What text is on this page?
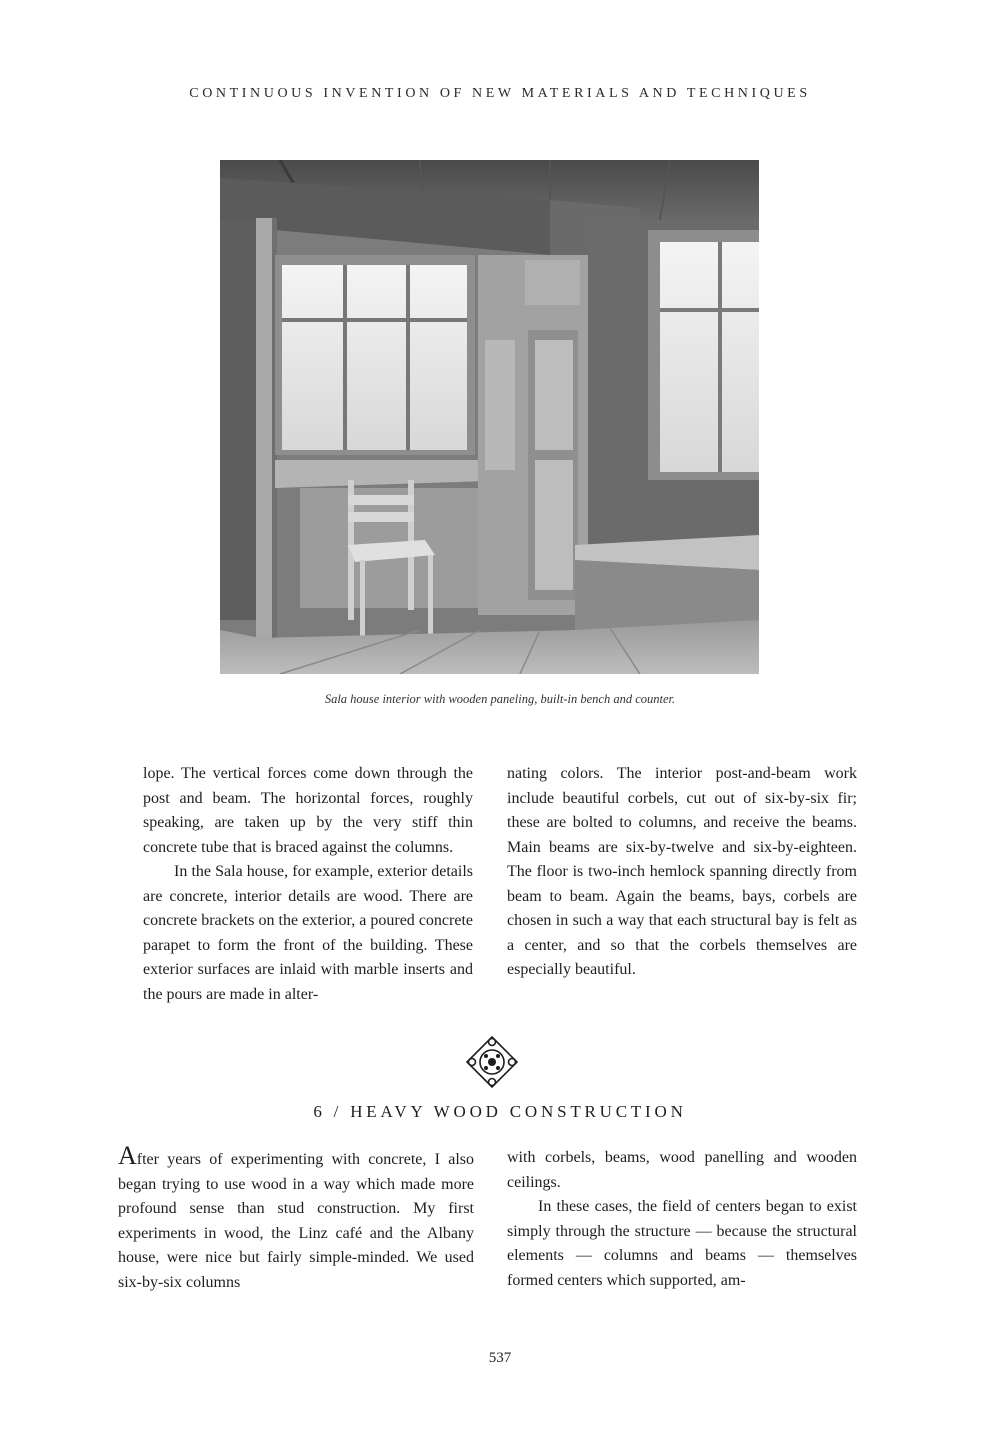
CONTINUOUS INVENTION OF NEW MATERIALS AND TECHNIQUES
Sala house interior with wooden paneling, built-in bench and counter.

lope. The vertical forces come down through the post and beam. The horizontal forces, roughly speaking, are taken up by the very stiff thin concrete tube that is braced against the columns.

In the Sala house, for example, exterior details are concrete, interior details are wood. There are concrete brackets on the exterior, a poured concrete parapet to form the front of the building. These exterior surfaces are inlaid with marble inserts and the pours are made in alter-

nating colors. The interior post-and-beam work include beautiful corbels, cut out of six-by-six fir; these are bolted to columns, and receive the beams. Main beams are six-by-twelve and six-by-eighteen. The floor is two-inch hemlock spanning directly from beam to beam. Again the beams, bays, corbels are chosen in such a way that each structural bay is felt as a center, and so that the corbels themselves are especially beautiful.

6 / HEAVY WOOD CONSTRUCTION

After years of experimenting with concrete, I also began trying to use wood in a way which made more profound sense than stud construction. My first experiments in wood, the Linz café and the Albany house, were nice but fairly simple-minded. We used six-by-six columns

with corbels, beams, wood panelling and wooden ceilings.

In these cases, the field of centers began to exist simply through the structure — because the structural elements — columns and beams — themselves formed centers which supported, am-

537
